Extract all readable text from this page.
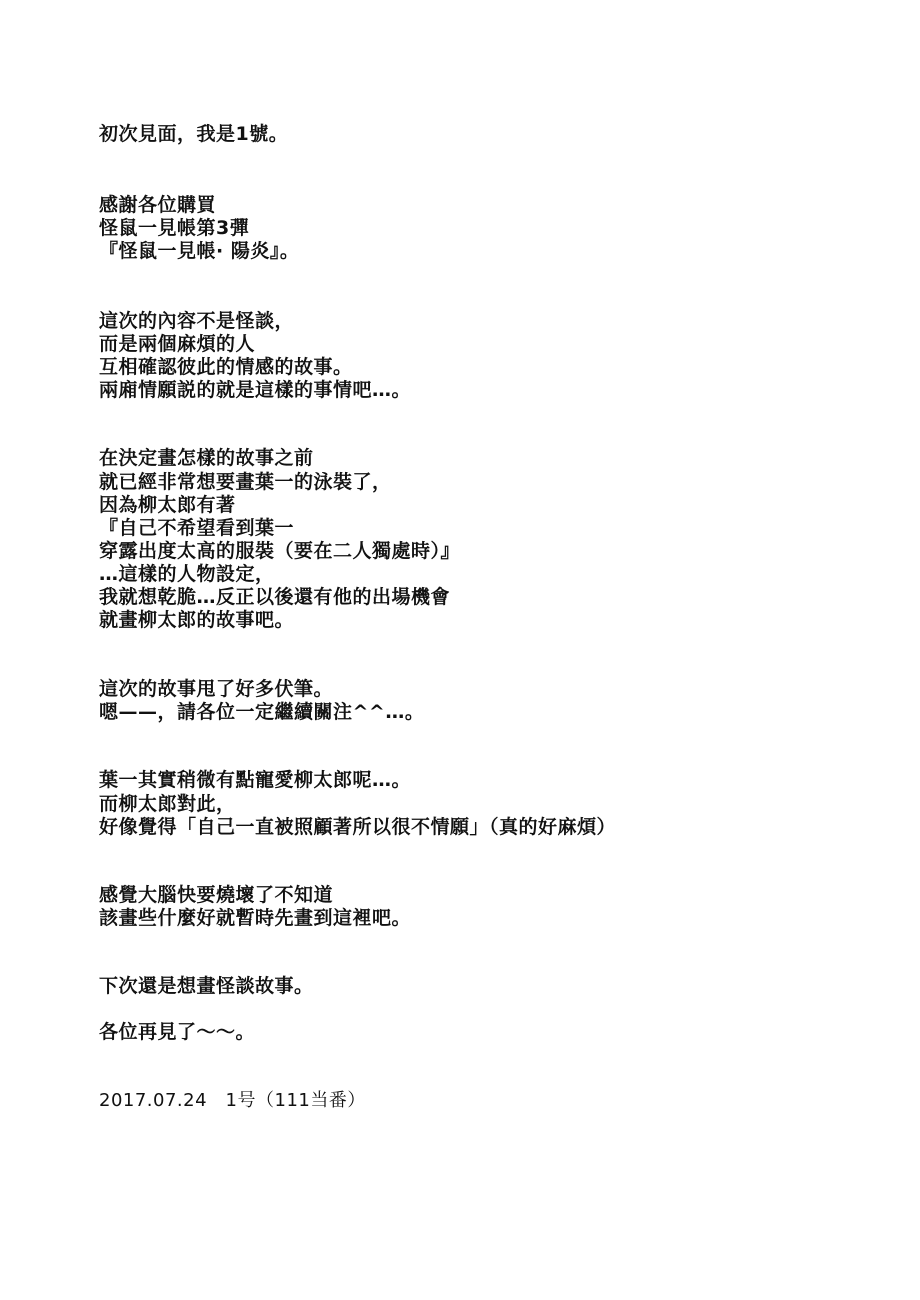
初次見面，我是1號。
感謝各位購買
怪鼠一見帳第3彈
『怪鼠一見帳· 陽炎』。
這次的內容不是怪談，
而是兩個麻煩的人
互相確認彼此的情感的故事。
兩廂情願説的就是這樣的事情吧…。
在決定畫怎樣的故事之前
就已經非常想要畫葉一的泳裝了，
因為柳太郎有著
『自己不希望看到葉一
穿露出度太高的服裝（要在二人獨處時）』
…這樣的人物設定，
我就想乾脆…反正以後還有他的出場機會
就畫柳太郎的故事吧。
這次的故事甩了好多伏筆。
嗯——，請各位一定繼續關注^^…。
葉一其實稍微有點寵愛柳太郎呢…。
而柳太郎對此，
好像覺得「自己一直被照顧著所以很不情願」（真的好麻煩）
感覺大腦快要燒壞了不知道
該畫些什麼好就暫時先畫到這裡吧。
下次還是想畫怪談故事。
各位再見了〜〜。
2017.07.24　1号（111当番）
